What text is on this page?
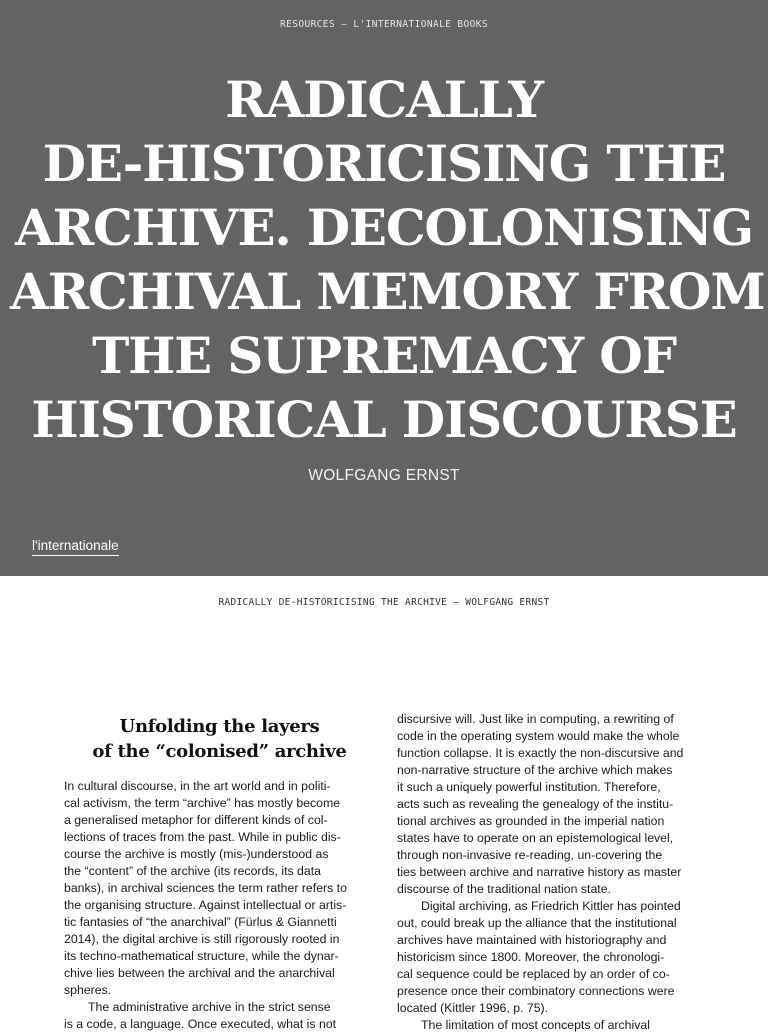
RESOURCES – L'INTERNATIONALE BOOKS
RADICALLY
DE-HISTORICISING THE
ARCHIVE. DECOLONISING
ARCHIVAL MEMORY FROM
THE SUPREMACY OF
HISTORICAL DISCOURSE
WOLFGANG ERNST
l'internationale
RADICALLY DE-HISTORICISING THE ARCHIVE – WOLFGANG ERNST
Unfolding the layers
of the “colonised” archive

In cultural discourse, in the art world and in politi-
cal activism, the term “archive” has mostly become
a generalised metaphor for different kinds of col-
lections of traces from the past. While in public dis-
course the archive is mostly (mis-)understood as
the “content” of the archive (its records, its data
banks), in archival sciences the term rather refers to
the organising structure. Against intellectual or artis-
tic fantasies of “the anarchival” (Fürlus & Giannetti
2014), the digital archive is still rigorously rooted in
its techno-mathematical structure, while the dynar-
chive lies between the archival and the anarchival
spheres.

The administrative archive in the strict sense
is a code, a language. Once executed, what is not

discursive will. Just like in computing, a rewriting of
code in the operating system would make the whole
function collapse. It is exactly the non-discursive and
non-narrative structure of the archive which makes
it such a uniquely powerful institution. Therefore,
acts such as revealing the genealogy of the institu-
tional archives as grounded in the imperial nation
states have to operate on an epistemological level,
through non-invasive re-reading, un-covering the
ties between archive and narrative history as master
discourse of the traditional nation state.

Digital archiving, as Friedrich Kittler has pointed
out, could break up the alliance that the institutional
archives have maintained with historiography and
historicism since 1800. Moreover, the chronologi-
cal sequence could be replaced by an order of co-
presence once their combinatory connections were
located (Kittler 1996, p. 75).

The limitation of most concepts of archival
